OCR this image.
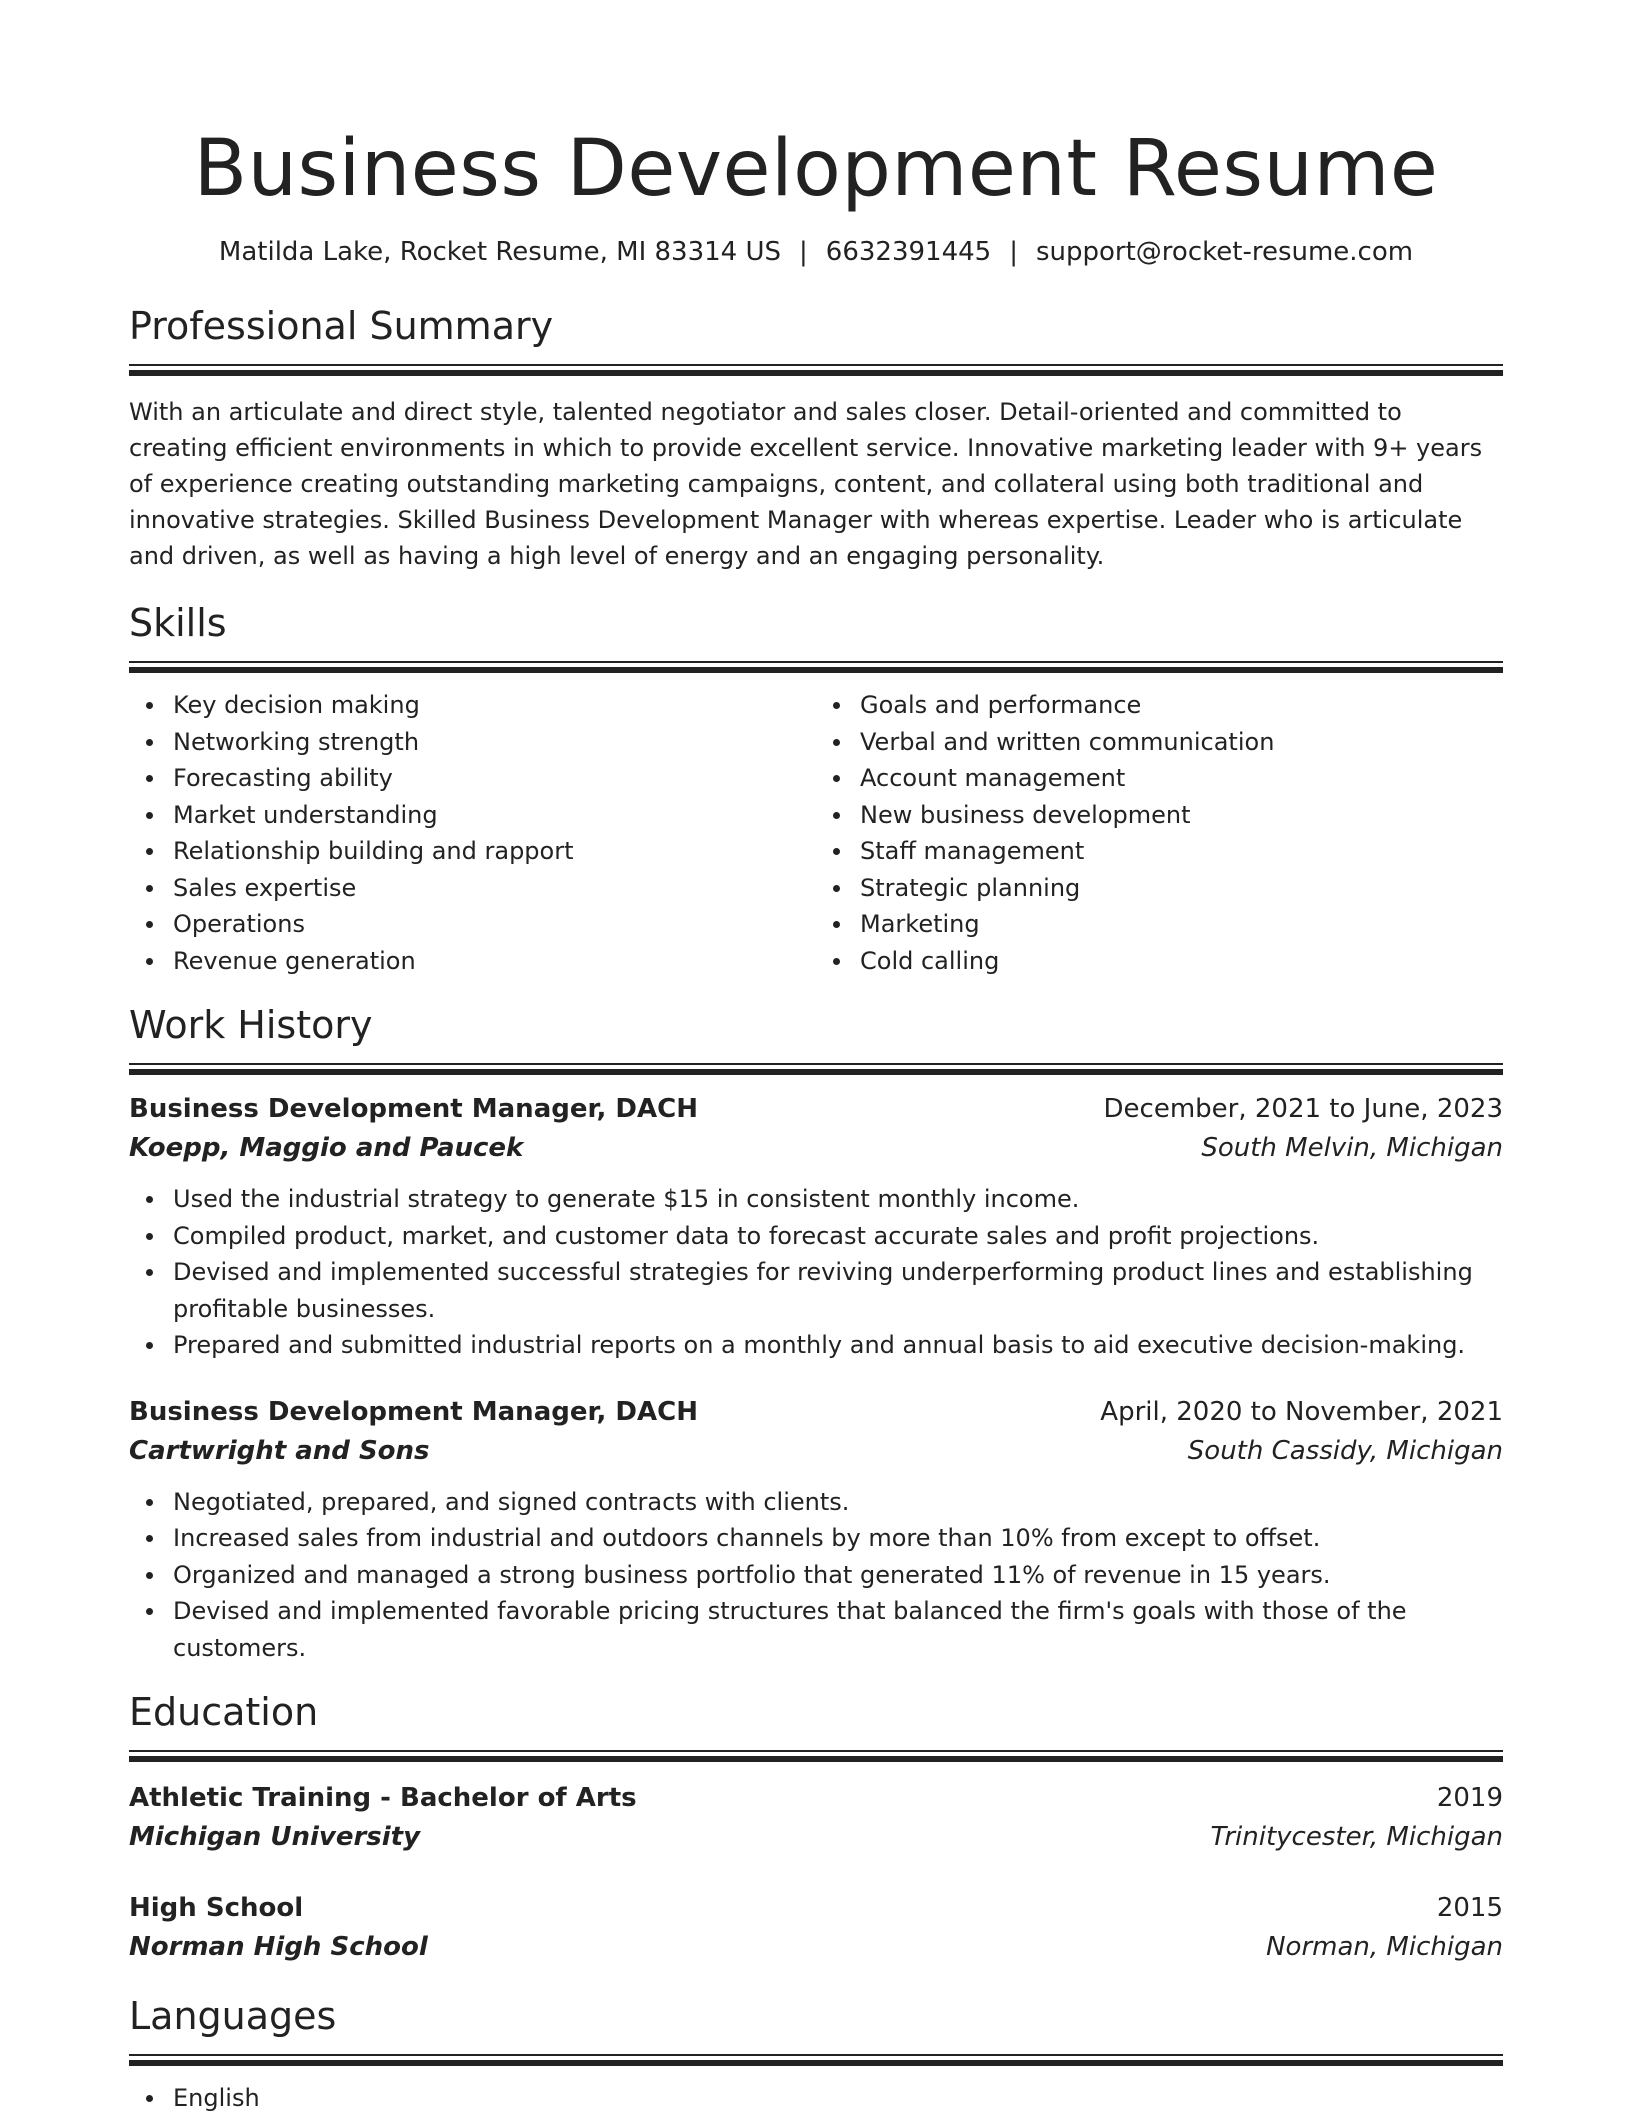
Business Development Resume
Matilda Lake, Rocket Resume, MI 83314 US | 6632391445 | support@rocket-resume.com
Professional Summary

With an articulate and direct style, talented negotiator and sales closer. Detail-oriented and committed to creating efficient environments in which to provide excellent service. Innovative marketing leader with 9+ years of experience creating outstanding marketing campaigns, content, and collateral using both traditional and innovative strategies. Skilled Business Development Manager with whereas expertise. Leader who is articulate and driven, as well as having a high level of energy and an engaging personality.

Skills
Key decision making
Networking strength
Forecasting ability
Market understanding
Relationship building and rapport
Sales expertise
Operations
Revenue generation
Goals and performance
Verbal and written communication
Account management
New business development
Staff management
Strategic planning
Marketing
Cold calling
Work History
Business Development Manager, DACH	December, 2021 to June, 2023
Koepp, Maggio and Paucek	South Melvin, Michigan
Used the industrial strategy to generate $15 in consistent monthly income.
Compiled product, market, and customer data to forecast accurate sales and profit projections.
Devised and implemented successful strategies for reviving underperforming product lines and establishing profitable businesses.
Prepared and submitted industrial reports on a monthly and annual basis to aid executive decision-making.
Business Development Manager, DACH	April, 2020 to November, 2021
Cartwright and Sons	South Cassidy, Michigan
Negotiated, prepared, and signed contracts with clients.
Increased sales from industrial and outdoors channels by more than 10% from except to offset.
Organized and managed a strong business portfolio that generated 11% of revenue in 15 years.
Devised and implemented favorable pricing structures that balanced the firm's goals with those of the customers.
Education
Athletic Training - Bachelor of Arts	2019
Michigan University	Trinitycester, Michigan
High School	2015
Norman High School	Norman, Michigan
Languages
English
